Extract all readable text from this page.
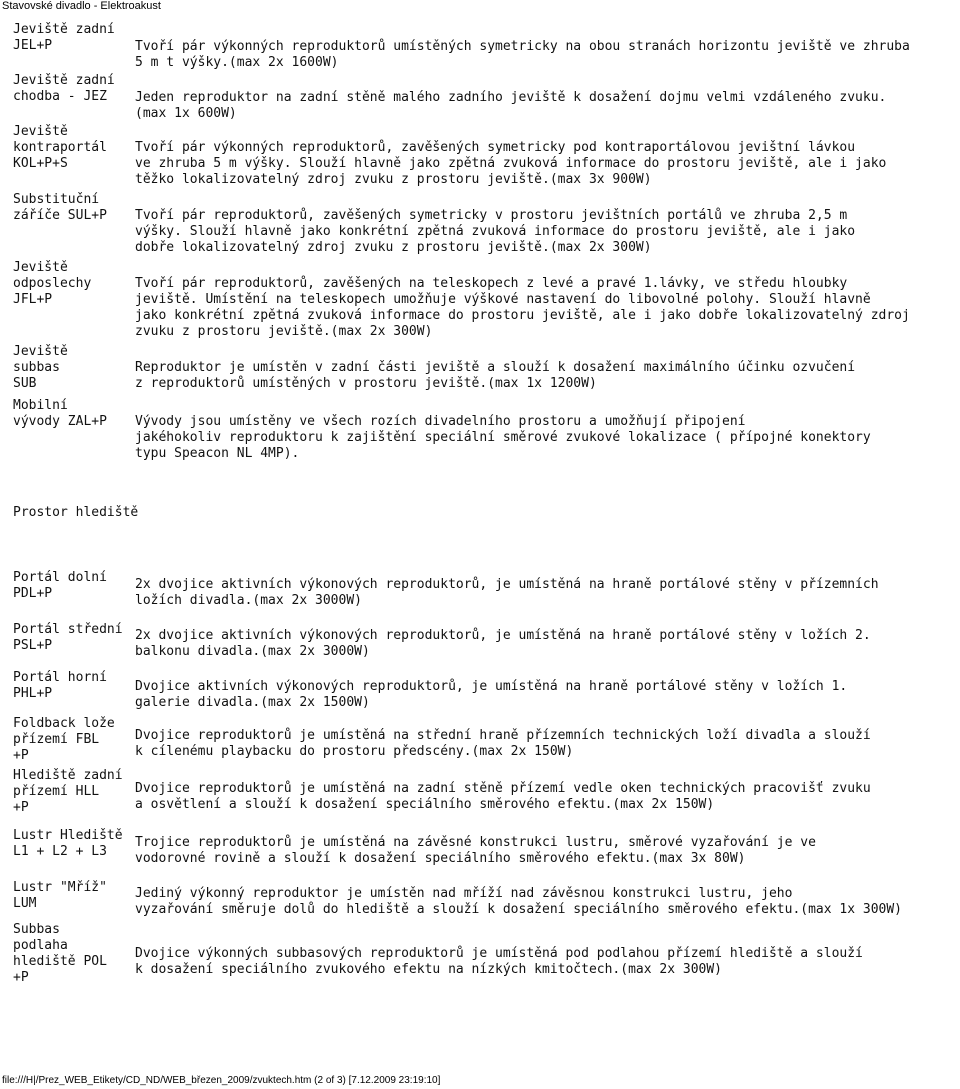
Stavovské divadlo - Elektroakust
Jeviště zadní
JEL+P
Jeviště zadní
chodba - JEZ
Jeviště
kontraportál
KOL+P+S
Substituční
záříče SUL+P
Jeviště
odposlechy
JFL+P
Jeviště
subbas
SUB
Mobilní
vývody ZAL+P
Tvoří pár výkonných reproduktorů umístěných symetricky na obou stranách horizontu jeviště ve zhruba
5 m t výšky.(max 2x 1600W)
Jeden reproduktor na zadní stěně malého zadního jeviště k dosažení dojmu velmi vzdáleného zvuku.
(max 1x 600W)
Tvoří pár výkonných reproduktorů, zavěšených symetricky pod kontraportálovou jevištní lávkou
ve zhruba 5 m výšky. Slouží hlavně jako zpětná zvuková informace do prostoru jeviště, ale i jako
těžko lokalizovatelný zdroj zvuku z prostoru jeviště.(max 3x 900W)
Tvoří pár reproduktorů, zavěšených symetricky v prostoru jevištních portálů ve zhruba 2,5 m
výšky. Slouží hlavně jako konkrétní zpětná zvuková informace do prostoru jeviště, ale i jako
dobře lokalizovatelný zdroj zvuku z prostoru jeviště.(max 2x 300W)
Tvoří pár reproduktorů, zavěšených na teleskopech z levé a pravé 1.lávky, ve středu hloubky
jeviště. Umístění na teleskopech umožňuje výškové nastavení do libovolné polohy. Slouží hlavně
jako konkrétní zpětná zvuková informace do prostoru jeviště, ale i jako dobře lokalizovatelný zdroj
zvuku z prostoru jeviště.(max 2x 300W)
Reproduktor je umístěn v zadní části jeviště a slouží k dosažení maximálního účinku ozvučení
z reproduktorů umístěných v prostoru jeviště.(max 1x 1200W)
Vývody jsou umístěny ve všech rozích divadelního prostoru a umožňují připojení
jakéhokoliv reproduktoru k zajištění speciální směrové zvukové lokalizace ( přípojné konektory
typu Speacon NL 4MP).
Prostor hlediště
Portál dolní
PDL+P
Portál střední
PSL+P
Portál horní
PHL+P
Foldback lože
přízemí FBL
+P
Hlediště zadní
přízemí HLL
+P
Lustr Hlediště
L1 + L2 + L3
Lustr "Mříž"
LUM
Subbas
podlaha
hlediště POL
+P
2x dvojice aktivních výkonových reproduktorů, je umístěná na hraně portálové stěny v přízemních
ložích divadla.(max 2x 3000W)
2x dvojice aktivních výkonových reproduktorů, je umístěná na hraně portálové stěny v ložích 2.
balkonu divadla.(max 2x 3000W)
Dvojice aktivních výkonových reproduktorů, je umístěná na hraně portálové stěny v ložích 1.
galerie divadla.(max 2x 1500W)
Dvojice reproduktorů je umístěná na střední hraně přízemních technických loží divadla a slouží
k cílenému playbacku do prostoru předscény.(max 2x 150W)
Dvojice reproduktorů je umístěná na zadní stěně přízemí vedle oken technických pracovišť zvuku
a osvětlení a slouží k dosažení speciálního směrového efektu.(max 2x 150W)
Trojice reproduktorů je umístěná na závěsné konstrukci lustru, směrové vyzařování je ve
vodorovné rovině a slouží k dosažení speciálního směrového efektu.(max 3x 80W)
Jediný výkonný reproduktor je umístěn nad mříží nad závěsnou konstrukci lustru, jeho
vyzařování směruje dolů do hlediště a slouží k dosažení speciálního směrového efektu.(max 1x 300W)
Dvojice výkonných subbasových reproduktorů je umístěná pod podlahou přízemí hlediště a slouží
k dosažení speciálního zvukového efektu na nízkých kmitočtech.(max 2x 300W)
file:///H|/Prez_WEB_Etikety/CD_ND/WEB_březen_2009/zvuktech.htm (2 of 3) [7.12.2009 23:19:10]
